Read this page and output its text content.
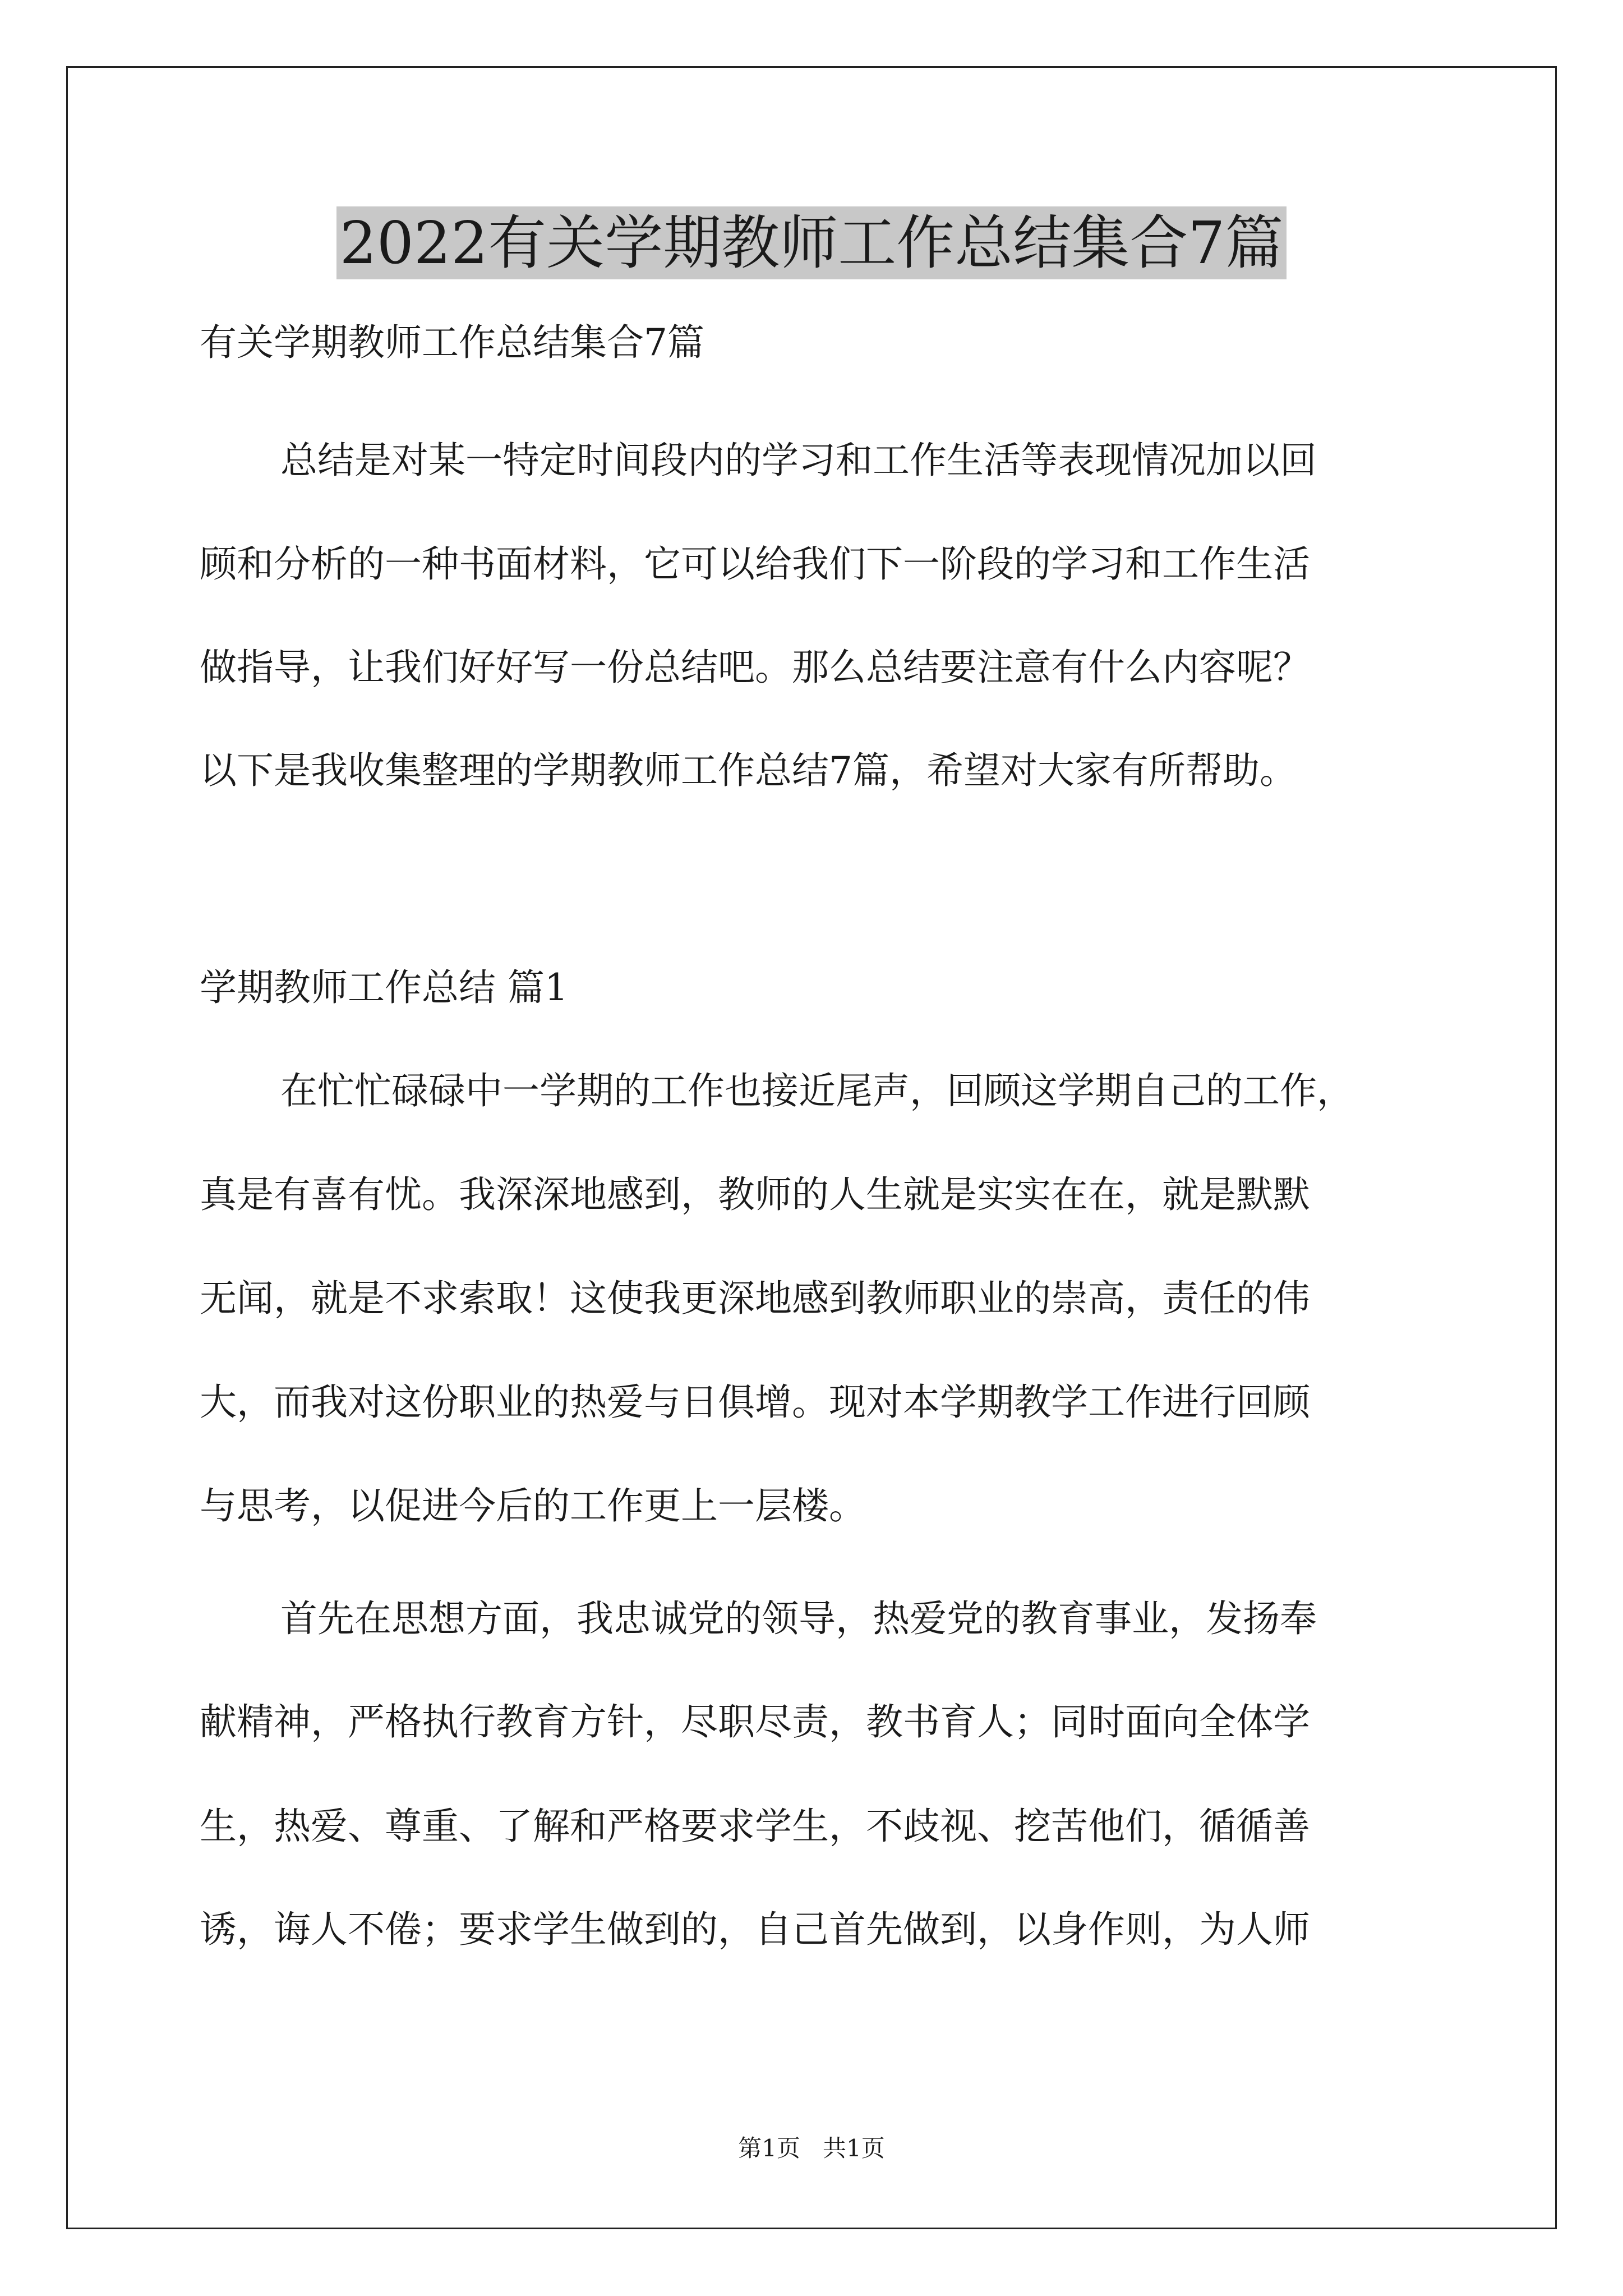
2022有关学期教师工作总结集合7篇

有关学期教师工作总结集合7篇

总结是对某一特定时间段内的学习和工作生活等表现情况加以回

顾和分析的一种书面材料，它可以给我们下一阶段的学习和工作生活

做指导，让我们好好写一份总结吧。那么总结要注意有什么内容呢？

以下是我收集整理的学期教师工作总结7篇，希望对大家有所帮助。

学期教师工作总结 篇1

在忙忙碌碌中一学期的工作也接近尾声，回顾这学期自己的工作，

真是有喜有忧。我深深地感到，教师的人生就是实实在在，就是默默

无闻，就是不求索取！这使我更深地感到教师职业的崇高，责任的伟

大，而我对这份职业的热爱与日俱增。现对本学期教学工作进行回顾

与思考，以促进今后的工作更上一层楼。

首先在思想方面，我忠诚党的领导，热爱党的教育事业，发扬奉

献精神，严格执行教育方针，尽职尽责，教书育人；同时面向全体学

生，热爱、尊重、了解和严格要求学生，不歧视、挖苦他们，循循善

诱，诲人不倦；要求学生做到的，自己首先做到，以身作则，为人师

第1页 共1页
